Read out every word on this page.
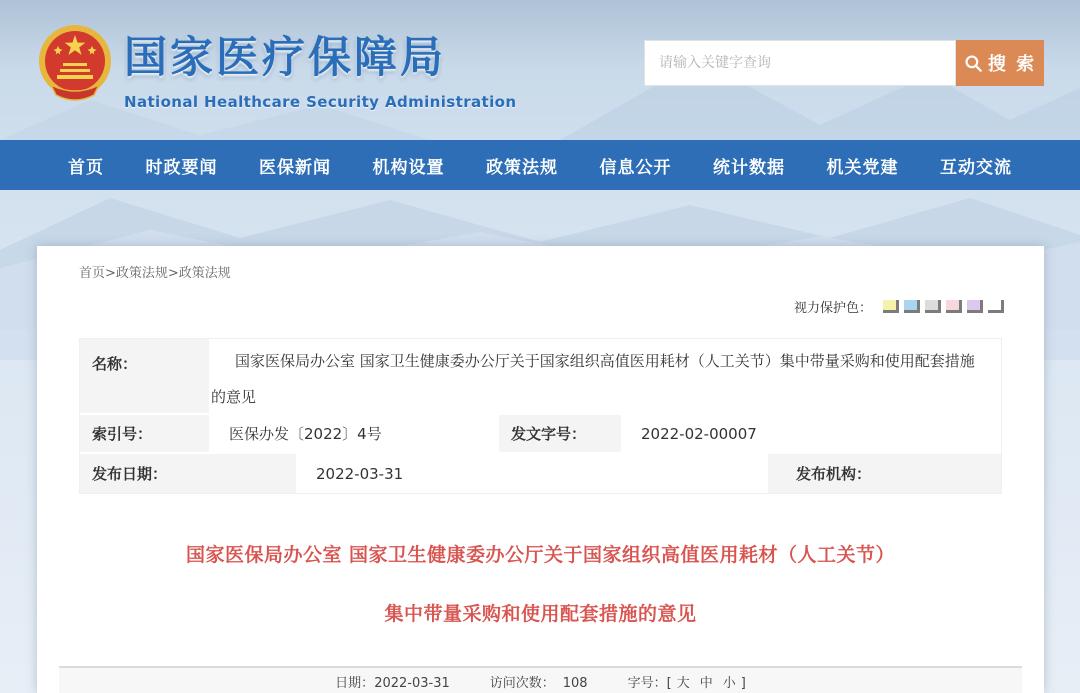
国家医疗保障局
National Healthcare Security Administration
请输入关键字查询
搜 索
首页 时政要闻 医保新闻 机构设置 政策法规 信息公开 统计数据 机关党建 互动交流
首页>政策法规>政策法规
视力保护色：
名称：	国家医保局办公室 国家卫生健康委办公厅关于国家组织高值医用耗材（人工关节）集中带量采购和使用配套措施的意见
索引号：	医保办发〔2022〕4号	发文字号：	2022-02-00007
发布日期：	2022-03-31	发布机构：
国家医保局办公室 国家卫生健康委办公厅关于国家组织高值医用耗材（人工关节）
集中带量采购和使用配套措施的意见
日期：2022-03-31	访问次数： 108	字号：[ 大 中 小 ]
